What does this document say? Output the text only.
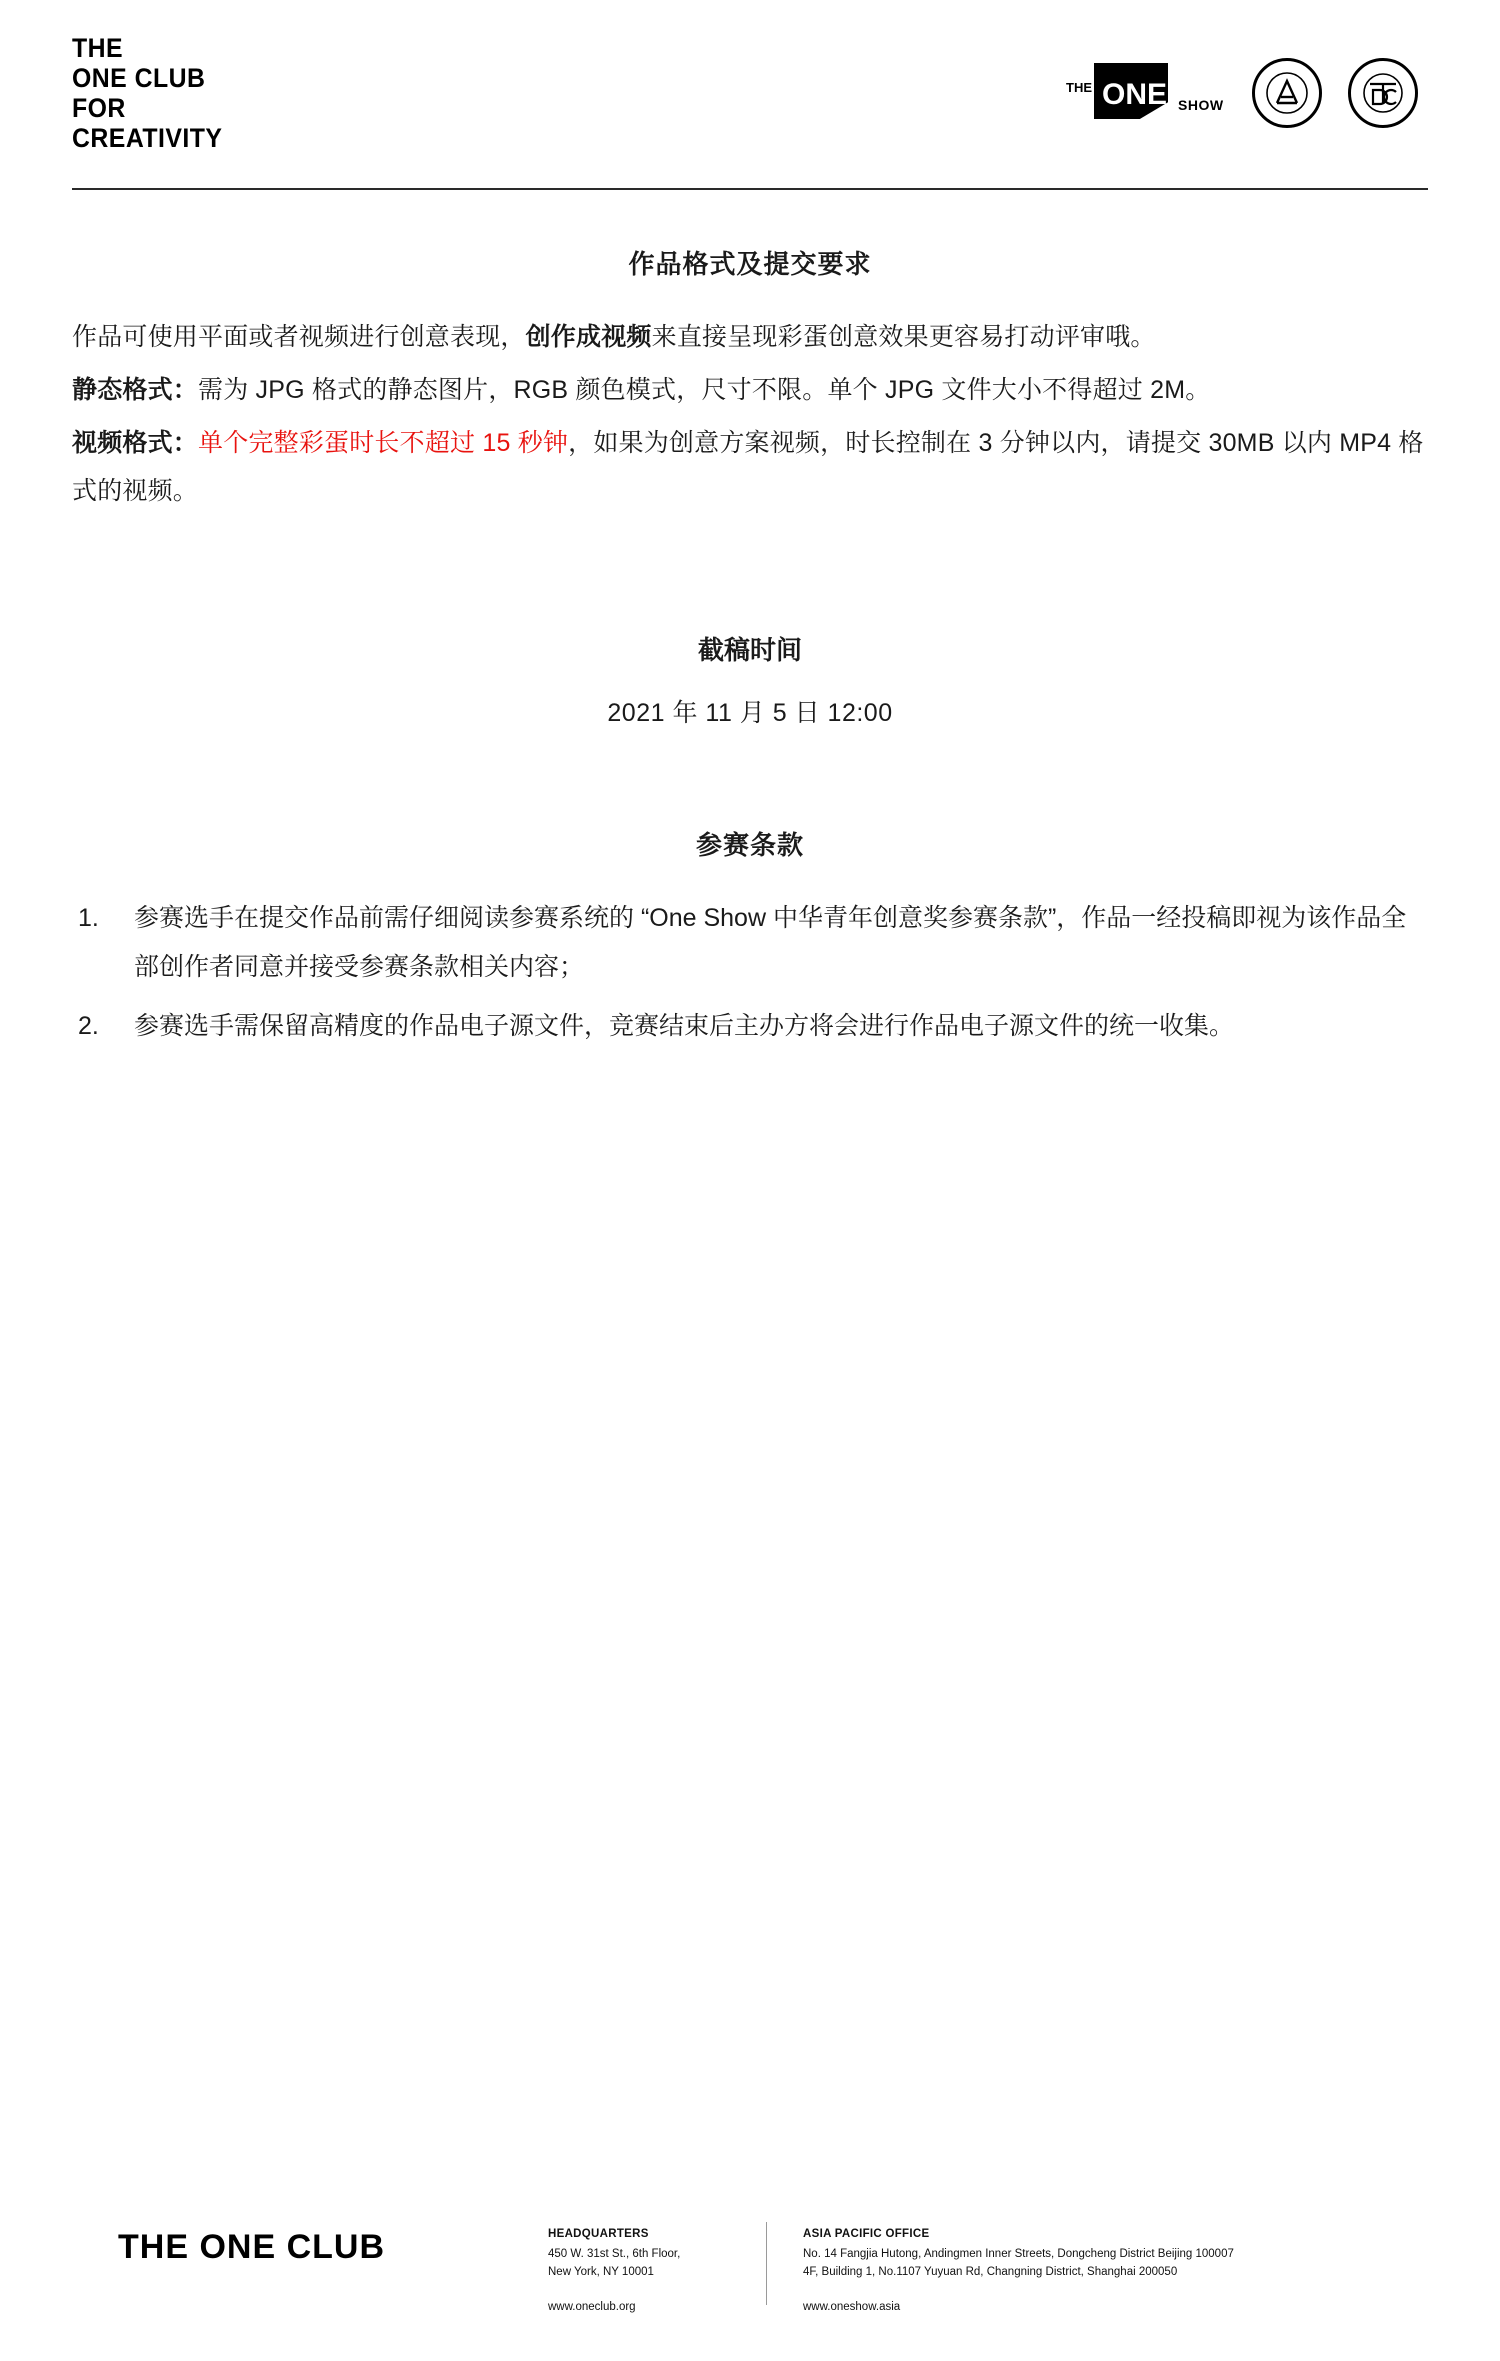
THE
ONE CLUB
FOR
CREATIVITY
THE ONE SHOW
作品格式及提交要求

作品可使用平面或者视频进行创意表现，创作成视频来直接呈现彩蛋创意效果更容易打动评审哦。

静态格式：需为 JPG 格式的静态图片，RGB 颜色模式，尺寸不限。单个 JPG 文件大小不得超过 2M。

视频格式：单个完整彩蛋时长不超过 15 秒钟，如果为创意方案视频，时长控制在 3 分钟以内，请提交 30MB 以内 MP4 格式的视频。

截稿时间

2021 年 11 月 5 日 12:00

参赛条款
参赛选手在提交作品前需仔细阅读参赛系统的 “One Show 中华青年创意奖参赛条款”，作品一经投稿即视为该作品全部创作者同意并接受参赛条款相关内容；
参赛选手需保留高精度的作品电子源文件，竞赛结束后主办方将会进行作品电子源文件的统一收集。
THE ONE CLUB	HEADQUARTERS
450 W. 31st St., 6th Floor,
New York, NY 10001

www.oneclub.org
ASIA PACIFIC OFFICE
No. 14 Fangjia Hutong, Andingmen Inner Streets, Dongcheng District Beijing 100007
4F, Building 1, No.1107 Yuyuan Rd, Changning District, Shanghai 200050

www.oneshow.asia
